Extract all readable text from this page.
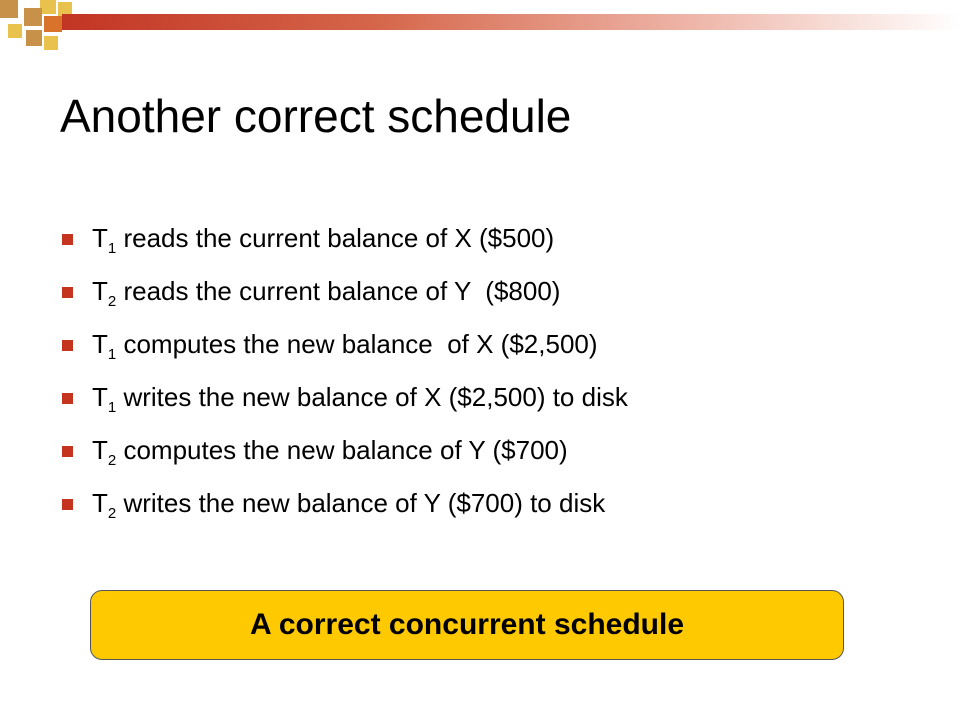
Another correct schedule
$T_1$ reads the current balance of X ($500)
$T_2$ reads the current balance of Y  ($800)
$T_1$ computes the new balance  of X ($2,500)
$T_1$ writes the new balance of X ($2,500) to disk
$T_2$ computes the new balance of Y ($700)
$T_2$ writes the new balance of Y ($700) to disk
A correct concurrent schedule
